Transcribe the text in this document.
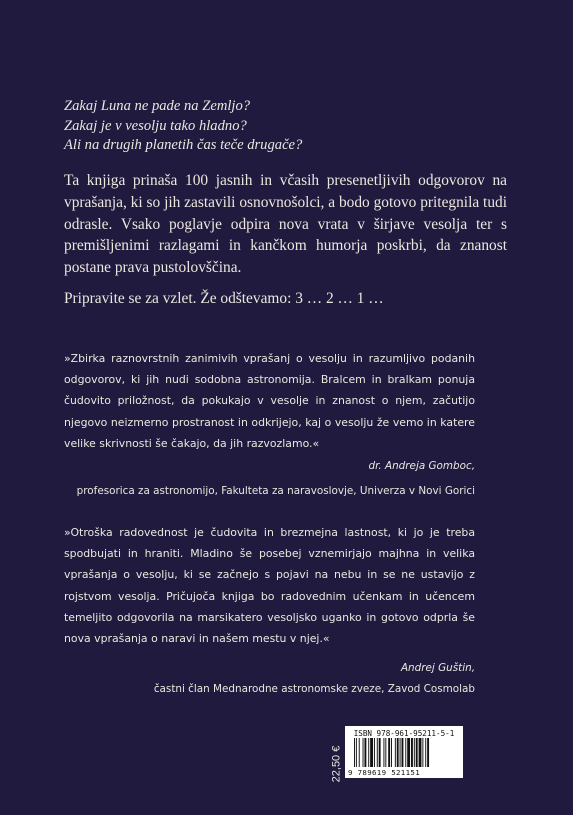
Zakaj Luna ne pade na Zemljo?
Zakaj je v vesolju tako hladno?
Ali na drugih planetih čas teče drugače?

Ta knjiga prinaša 100 jasnih in včasih presenetljivih odgovorov na vprašanja, ki so jih zastavili osnovnošolci, a bodo gotovo pritegnila tudi odrasle. Vsako poglavje odpira nova vrata v širjave vesolja ter s premišljenimi razlagami in kančkom humorja poskrbi, da znanost postane prava pustolovščina.

Pripravite se za vzlet. Že odštevamo: 3 … 2 … 1 …

»Zbirka raznovrstnih zanimivih vprašanj o vesolju in razumljivo podanih odgovorov, ki jih nudi sodobna astronomija. Bralcem in bralkam ponuja čudovito priložnost, da pokukajo v vesolje in znanost o njem, začutijo njegovo neizmerno prostranost in odkrijejo, kaj o vesolju že vemo in katere velike skrivnosti še čakajo, da jih razvozlamo.«

dr. Andreja Gomboc,
profesorica za astronomijo, Fakulteta za naravoslovje, Univerza v Novi Gorici

»Otroška radovednost je čudovita in brezmejna lastnost, ki jo je treba spodbujati in hraniti. Mladino še posebej vznemirjajo majhna in velika vprašanja o vesolju, ki se začnejo s pojavi na nebu in se ne ustavijo z rojstvom vesolja. Pričujoča knjiga bo radovednim učenkam in učencem temeljito odgovorila na marsikatero vesoljsko uganko in gotovo odprla še nova vprašanja o naravi in našem mestu v njej.«

Andrej Guštin,
častni član Mednarodne astronomske zveze, Zavod Cosmolab
22,50 €
ISBN 978-961-95211-5-1
9 789619 521151
